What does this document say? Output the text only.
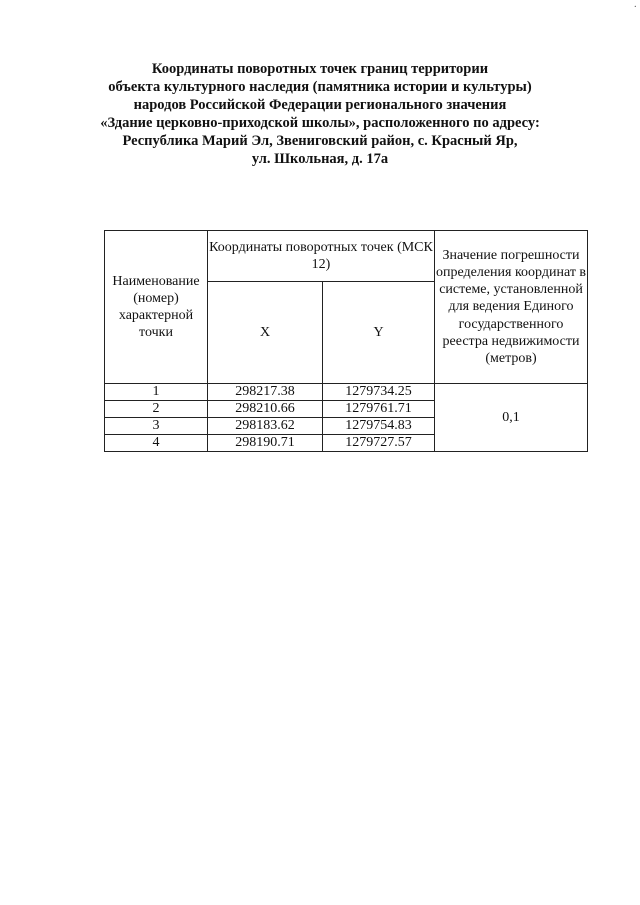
·
Координаты поворотных точек границ территории
объекта культурного наследия (памятника истории и культуры)
народов Российской Федерации регионального значения
«Здание церковно-приходской школы», расположенного по адресу:
Республика Марий Эл, Звениговский район, с. Красный Яр,
ул. Школьная, д. 17а
Наименование (номер) характерной точки	Координаты поворотных точек (МСК 12)		Значение погрешности определения координат в системе, установленной для ведения Единого государственного реестра недвижимости (метров)
	X	Y	
1	298217.38	1279734.25	0,1
2	298210.66	1279761.71	
3	298183.62	1279754.83	
4	298190.71	1279727.57	
